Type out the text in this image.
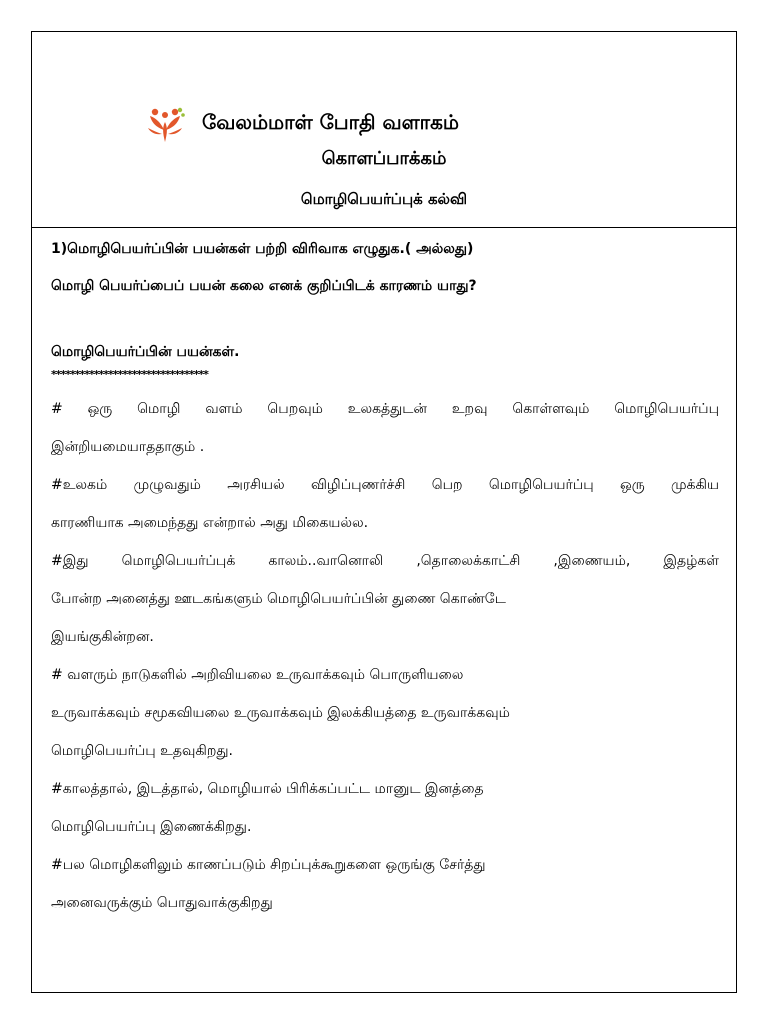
வேலம்மாள் போதி வளாகம்
கொளப்பாக்கம்
மொழிபெயர்ப்புக் கல்வி

1)மொழிபெயர்ப்பின் பயன்கள் பற்றி விரிவாக எழுதுக.( அல்லது)

மொழி பெயர்ப்பைப் பயன் கலை எனக் குறிப்பிடக் காரணம் யாது?

மொழிபெயர்ப்பின் பயன்கள்.

*********************************

# ஒரு மொழி வளம் பெறவும் உலகத்துடன் உறவு கொள்ளவும் மொழிபெயர்ப்பு

இன்றியமையாததாகும் .

#உலகம் முழுவதும் அரசியல் விழிப்புணர்ச்சி பெற மொழிபெயர்ப்பு ஒரு முக்கிய

காரணியாக அமைந்தது என்றால் அது மிகையல்ல.

#இது மொழிபெயர்ப்புக் காலம்..வானொலி ,தொலைக்காட்சி ,இணையம், இதழ்கள்

போன்ற அனைத்து ஊடகங்களும் மொழிபெயர்ப்பின் துணை கொண்டே

இயங்குகின்றன.

# வளரும் நாடுகளில் அறிவியலை உருவாக்கவும் பொருளியலை

உருவாக்கவும் சமூகவியலை உருவாக்கவும் இலக்கியத்தை உருவாக்கவும்

மொழிபெயர்ப்பு உதவுகிறது.

#காலத்தால், இடத்தால், மொழியால் பிரிக்கப்பட்ட மானுட இனத்தை

மொழிபெயர்ப்பு இணைக்கிறது.

#பல மொழிகளிலும் காணப்படும் சிறப்புக்கூறுகளை ஒருங்கு சேர்த்து

அனைவருக்கும் பொதுவாக்குகிறது
